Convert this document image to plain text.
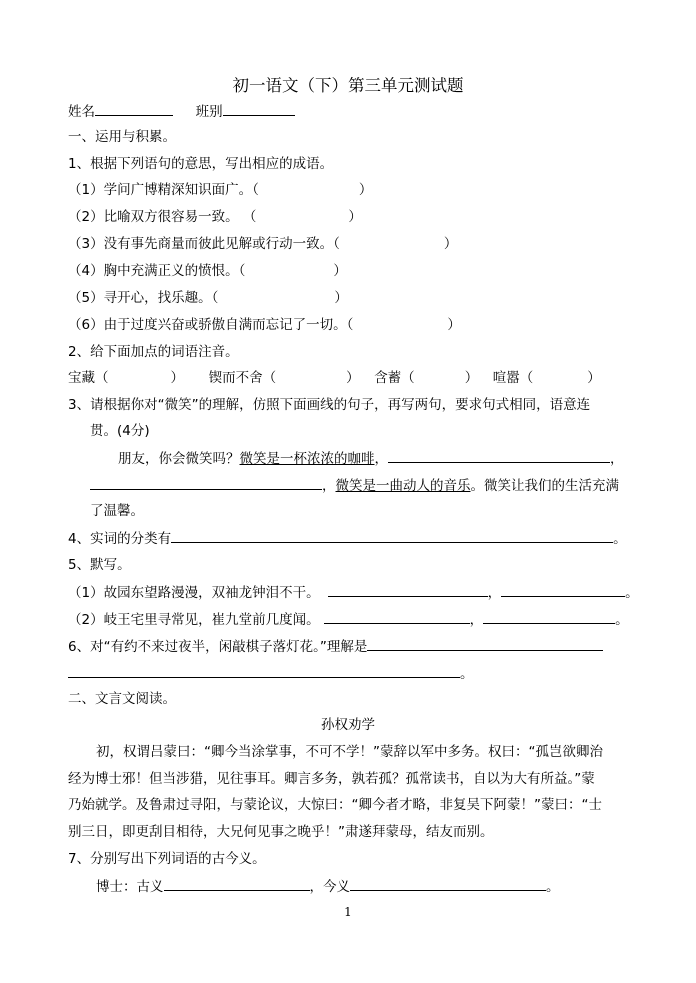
初一语文（下）第三单元测试题
姓名	班别
一、运用与积累。
1、根据下列语句的意思，写出相应的成语。
（1）学问广博精深知识面广。（	）
（2）比喻双方很容易一致。 （	）
（3）没有事先商量而彼此见解或行动一致。（	）
（4）胸中充满正义的愤恨。（	）
（5）寻开心，找乐趣。（	）
（6）由于过度兴奋或骄傲自满而忘记了一切。（	）
2、给下面加点的词语注音。
宝藏（	） 锲而不舍（	） 含蓄（	） 喧嚣（	）
3、请根据你对“微笑”的理解，仿照下面画线的句子，再写两句，要求句式相同，语意连
贯。(4分)
朋友，你会微笑吗？微笑是一杯浓浓的咖啡，	，
，微笑是一曲动人的音乐。微笑让我们的生活充满
了温馨。
4、实词的分类有	。
5、默写。
（1）故园东望路漫漫，双袖龙钟泪不干。	，	。
（2）岐王宅里寻常见，崔九堂前几度闻。	，	。
6、对“有约不来过夜半，闲敲棋子落灯花。”理解是
。
二、文言文阅读。
孙权劝学
初，权谓吕蒙曰：“卿今当涂掌事，不可不学！”蒙辞以军中多务。权曰：“孤岂欲卿治
经为博士邪！但当涉猎，见往事耳。卿言多务，孰若孤？孤常读书，自以为大有所益。”蒙
乃始就学。及鲁肃过寻阳，与蒙论议，大惊曰：“卿今者才略，非复吴下阿蒙！”蒙曰：“士
别三日，即更刮目相待，大兄何见事之晚乎！”肃遂拜蒙母，结友而别。
7、分别写出下列词语的古今义。
博士：古义	，今义	。
1
